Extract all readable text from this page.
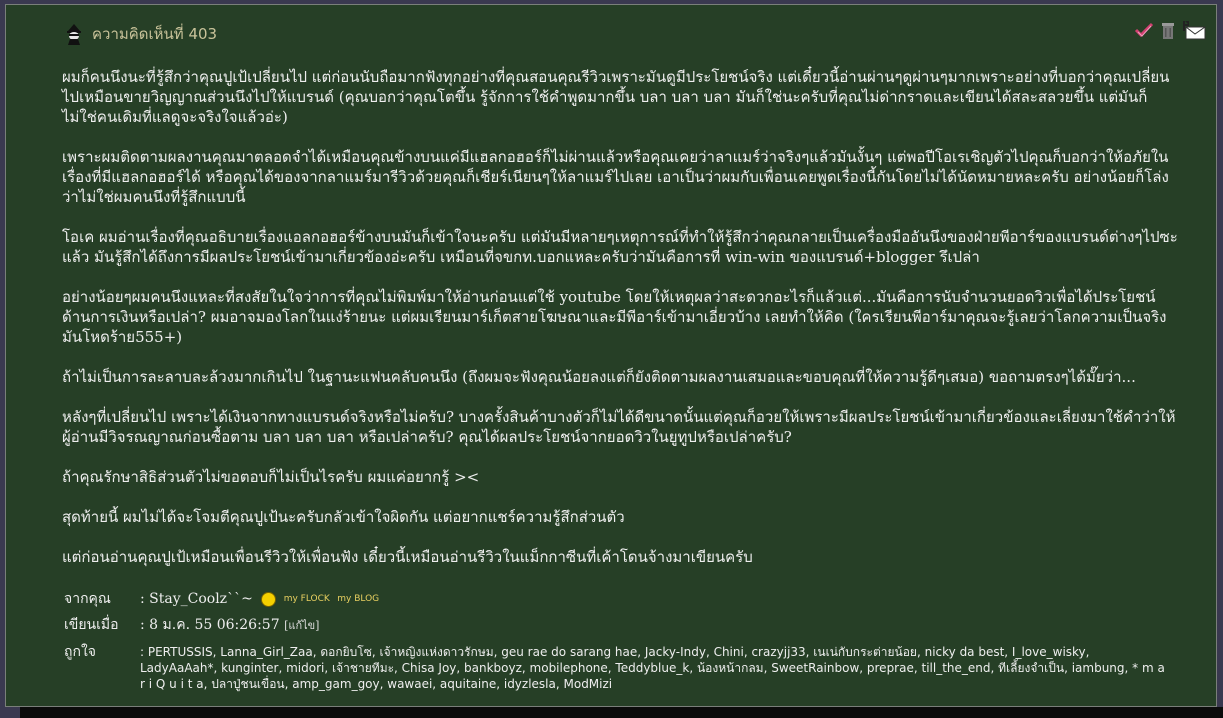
ความคิดเห็นที่ 403

ผมก็คนนึงนะที่รู้สึกว่าคุณปูเป้เปลี่ยนไป แต่ก่อนนับถือมากฟังทุกอย่างที่คุณสอนคุณรีวิวเพราะมันดูมีประโยชน์จริง แต่เดี๋ยวนี้อ่านผ่านๆดูผ่านๆมากเพราะอย่างที่บอกว่าคุณเปลี่ยนไปเหมือนขายวิญญาณส่วนนึงไปให้แบรนด์ (คุณบอกว่าคุณโตขึ้น รู้จักการใช้คำพูดมากขึ้น บลา บลา บลา มันก็ใช่นะครับที่คุณไม่ด่ากราดและเขียนได้สละสลวยขึ้น แต่มันก็ไม่ใช่คนเดิมที่แลดูจะจริงใจแล้วอ่ะ)

เพราะผมติดตามผลงานคุณมาตลอดจำได้เหมือนคุณข้างบนแค่มีแฮลกอฮอร์ก็ไม่ผ่านแล้วหรือคุณเคยว่าลาแมร์ว่าจริงๆแล้วมันงั้นๆ แต่พอปีโอเรเชิญตัวไปคุณก็บอกว่าให้อภัยในเรื่องที่มีแฮลกอฮอร์ได้ หรือคุณได้ของจากลาแมร์มารีวิวด้วยคุณก็เชียร์เนียนๆให้ลาแมร์ไปเลย เอาเป็นว่าผมกับเพื่อนเคยพูดเรื่องนี้กันโดยไม่ได้นัดหมายหละครับ อย่างน้อยก็โล่งว่าไม่ใช่ผมคนนึงที่รู้สึกแบบนี้

โอเค ผมอ่านเรื่องที่คุณอธิบายเรื่องแอลกอฮอร์ข้างบนมันก็เข้าใจนะครับ แต่มันมีหลายๆเหตุการณ์ที่ทำให้รู้สึกว่าคุณกลายเป็นเครื่องมืออันนึงของฝ่ายพีอาร์ของแบรนด์ต่างๆไปซะแล้ว มันรู้สึกได้ถึงการมีผลประโยชน์เข้ามาเกี่ยวข้องอ่ะครับ เหมือนที่จขกท.บอกแหละครับว่ามันคือการที่ win-win ของแบรนด์+blogger รึเปล่า

อย่างน้อยๆผมคนนึงแหละที่สงสัยในใจว่าการที่คุณไม่พิมพ์มาให้อ่านก่อนแต่ใช้ youtube โดยให้เหตุผลว่าสะดวกอะไรก็แล้วแต่...มันคือการนับจำนวนยอดวิวเพื่อได้ประโยชน์ด้านการเงินหรือเปล่า? ผมอาจมองโลกในแง่ร้ายนะ แต่ผมเรียนมาร์เก็ตสายโฆษณาและมีพีอาร์เข้ามาเอี่ยวบ้าง เลยทำให้คิด (ใครเรียนพีอาร์มาคุณจะรู้เลยว่าโลกความเป็นจริงมันโหดร้าย555+)

ถ้าไม่เป็นการละลาบละล้วงมากเกินไป ในฐานะแฟนคลับคนนึง (ถึงผมจะฟังคุณน้อยลงแต่ก็ยังติดตามผลงานเสมอและขอบคุณที่ให้ความรู้ดีๆเสมอ) ขอถามตรงๆได้มั๊ยว่า...

หลังๆที่เปลี่ยนไป เพราะได้เงินจากทางแบรนด์จริงหรือไม่ครับ? บางครั้งสินค้าบางตัวก็ไม่ได้ดีขนาดนั้นแต่คุณก็อวยให้เพราะมีผลประโยชน์เข้ามาเกี่ยวข้องและเลี่ยงมาใช้คำว่าให้ผู้อ่านมีวิจรณญาณก่อนซื้อตาม บลา บลา บลา หรือเปล่าครับ? คุณได้ผลประโยชน์จากยอดวิวในยูทูปหรือเปล่าครับ?

ถ้าคุณรักษาสิธิส่วนตัวไม่ขอตอบก็ไม่เป็นไรครับ ผมแค่อยากรู้ ><

สุดท้ายนี้ ผมไม่ได้จะโจมตีคุณปูเป้นะครับกลัวเข้าใจผิดกัน แต่อยากแชร์ความรู้สึกส่วนตัว

แต่ก่อนอ่านคุณปูเป้เหมือนเพื่อนรีวิวให้เพื่อนฟัง เดี๋ยวนี้เหมือนอ่านรีวิวในแม็กกาซีนที่เค้าโดนจ้างมาเขียนครับ

จากคุณ	: Stay_Coolz``~	my FLOCK my BLOG
เขียนเมื่อ	: 8 ม.ค. 55 06:26:57 [แก้ไข]
ถูกใจ	: PERTUSSIS, Lanna_Girl_Zaa, ดอกยิบโซ, เจ้าหญิงแห่งดาวรักษม, geu rae do sarang hae, Jacky-Indy, Chini, crazyjj33, เนเน่กับกระต่ายน้อย, nicky da best, I_love_wisky, LadyAaAah*, kunginter, midori, เจ้าชายทีมะ, Chisa Joy, bankboyz, mobilephone, Teddyblue_k, น้องหน้ากลม, SweetRainbow, preprae, till_the_end, ทีเลี้ยงจำเป็น, iambung, * m a r i Q u i t a, ปลาปู่ชนเขื่อน, amp_gam_goy, wawaei, aquitaine, idyzlesla, ModMizi
